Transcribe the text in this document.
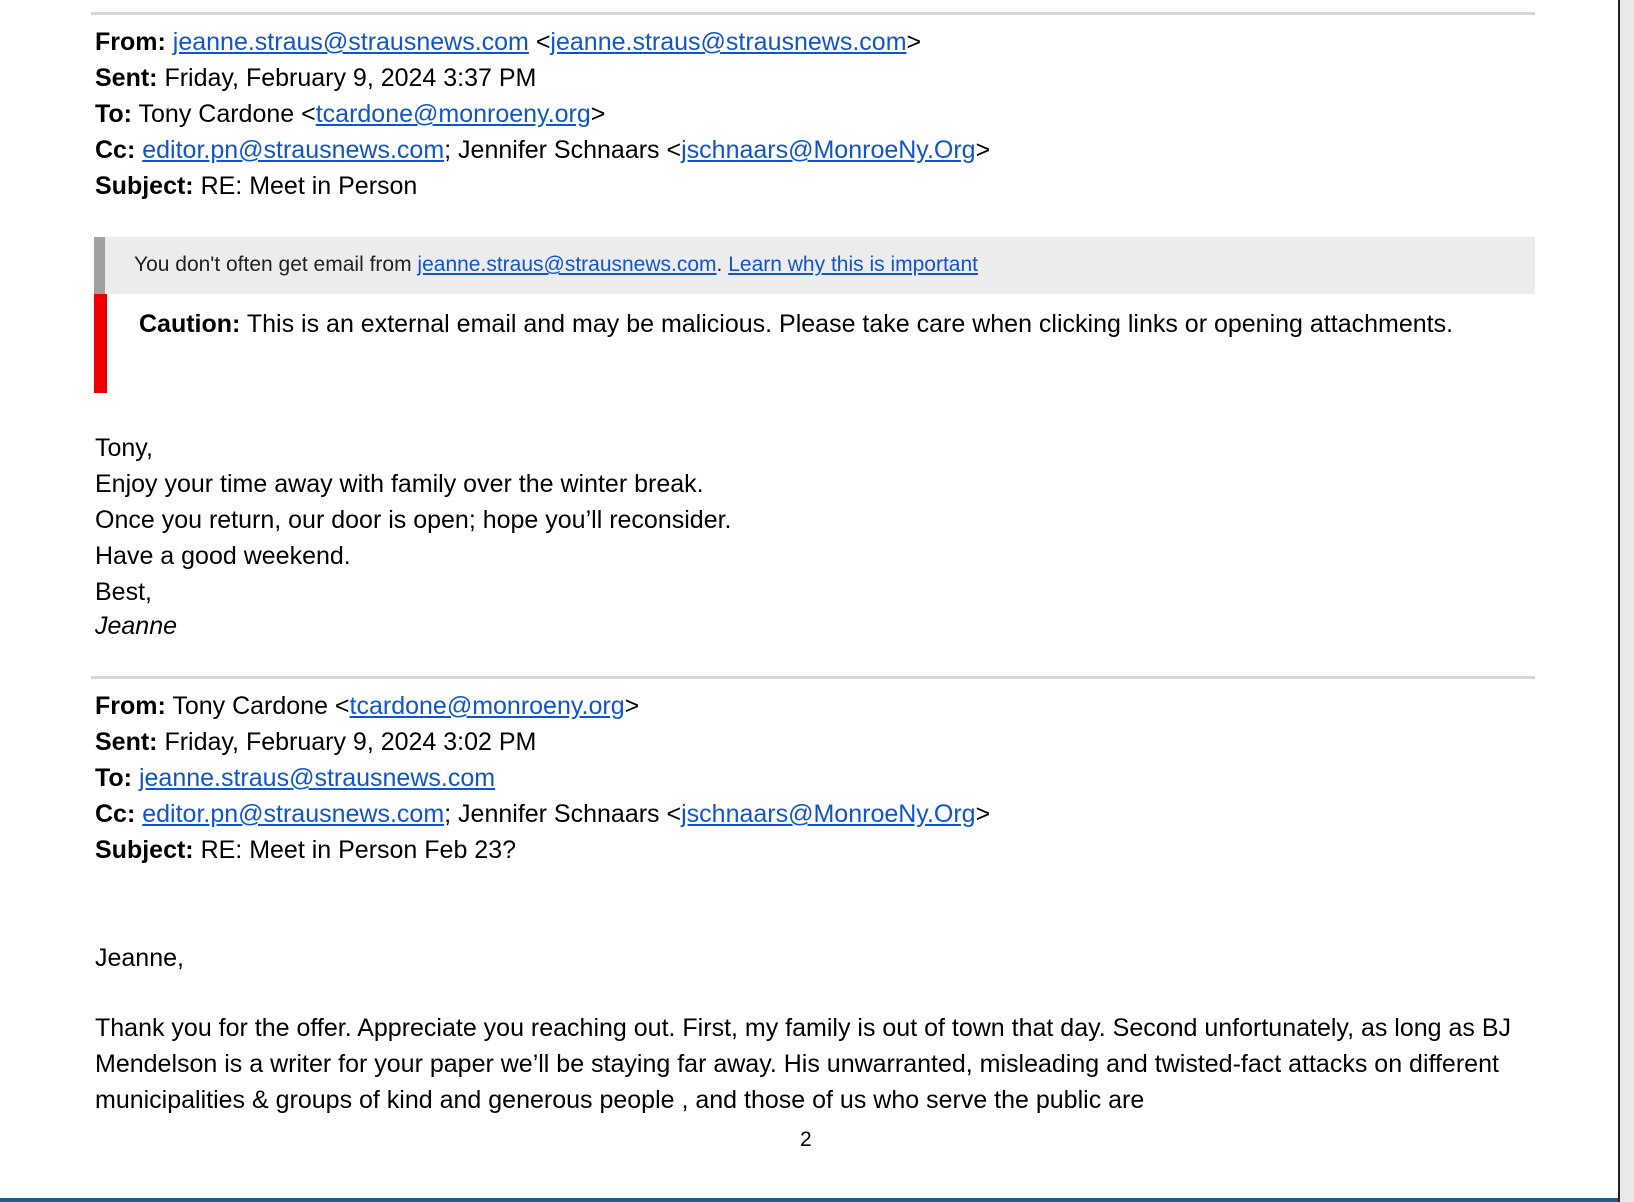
From: jeanne.straus@strausnews.com <jeanne.straus@strausnews.com>
Sent: Friday, February 9, 2024 3:37 PM
To: Tony Cardone <tcardone@monroeny.org>
Cc: editor.pn@strausnews.com; Jennifer Schnaars <jschnaars@MonroeNy.Org>
Subject: RE: Meet in Person
You don't often get email from jeanne.straus@strausnews.com. Learn why this is important
Caution: This is an external email and may be malicious. Please take care when clicking links or opening attachments.
Tony,
Enjoy your time away with family over the winter break.
Once you return, our door is open; hope you’ll reconsider.
Have a good weekend.
Best,
Jeanne
From: Tony Cardone <tcardone@monroeny.org>
Sent: Friday, February 9, 2024 3:02 PM
To: jeanne.straus@strausnews.com
Cc: editor.pn@strausnews.com; Jennifer Schnaars <jschnaars@MonroeNy.Org>
Subject: RE: Meet in Person Feb 23?
Jeanne,
Thank you for the offer. Appreciate you reaching out. First, my family is out of town that day. Second unfortunately, as long as BJ Mendelson is a writer for your paper we’ll be staying far away. His unwarranted, misleading and twisted-fact attacks on different municipalities & groups of kind and generous people , and those of us who serve the public are
2
